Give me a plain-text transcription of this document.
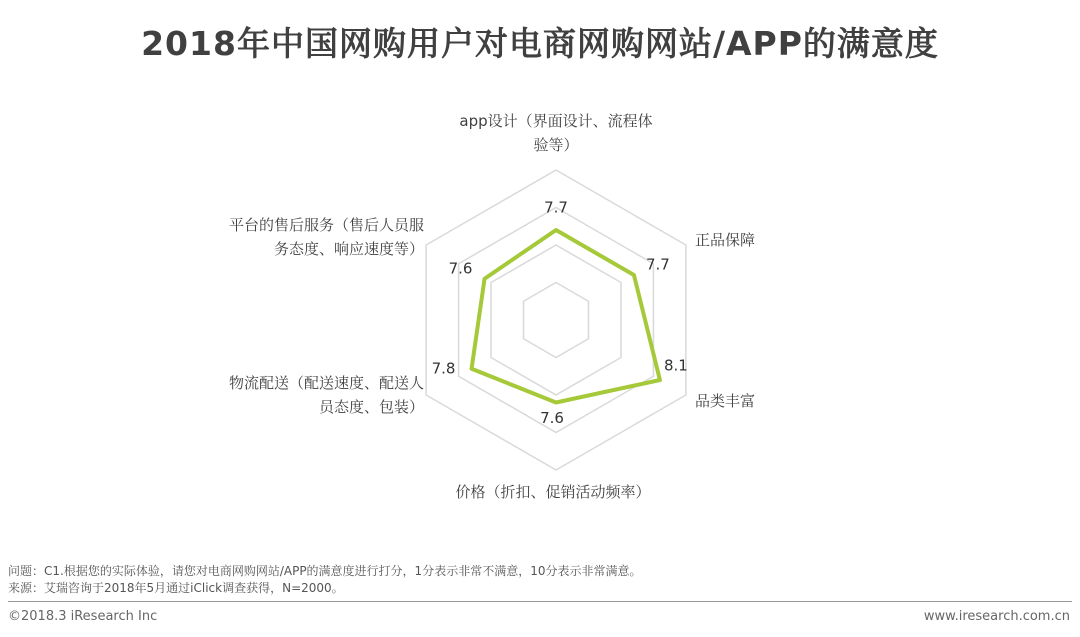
2018年中国网购用户对电商网购网站/APP的满意度
7.7
7.7
8.1
7.6
7.8
7.6
app设计（界面设计、流程体验等）
正品保障
品类丰富
价格（折扣、促销活动频率）
物流配送（配送速度、配送人员态度、包装）
平台的售后服务（售后人员服务态度、响应速度等）
问题：C1.根据您的实际体验，请您对电商网购网站/APP的满意度进行打分，1分表示非常不满意，10分表示非常满意。
来源：艾瑞咨询于2018年5月通过iClick调查获得，N=2000。
©2018.3 iResearch Inc	www.iresearch.com.cn
